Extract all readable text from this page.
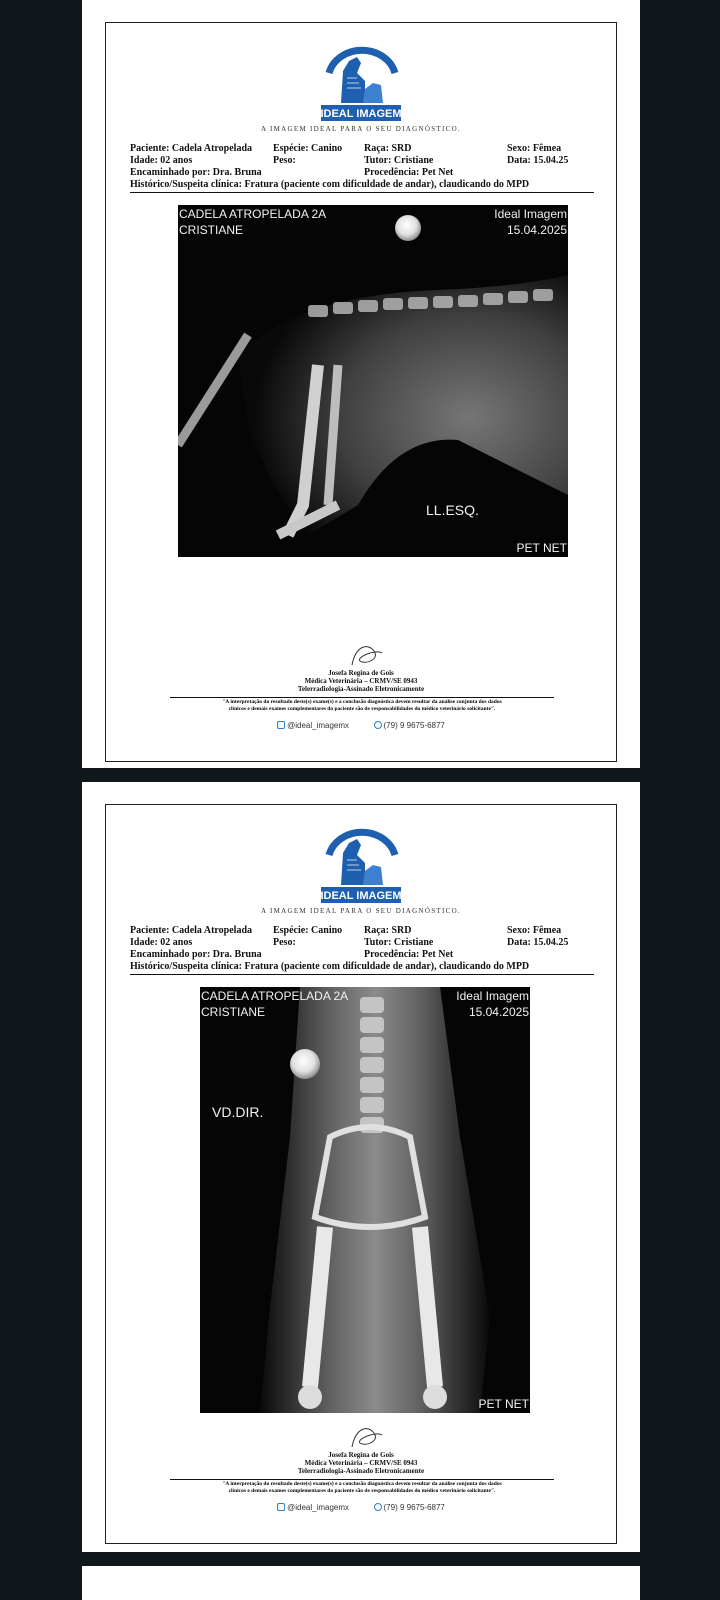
IDEAL IMAGEM
A IMAGEM IDEAL PARA O SEU DIAGNÓSTICO.
Paciente: Cadela Atropelada Espécie: Canino Raça: SRD	Sexo: Fêmea
Idade: 02 anos	Peso:	Tutor: Cristiane	Data: 15.04.25
Encaminhado por: Dra. Bruna	Procedência: Pet Net
Histórico/Suspeita clínica: Fratura (paciente com dificuldade de andar), claudicando do MPD
CADELA ATROPELADA 2A
CRISTIANE
Ideal Imagem
15.04.2025
LL.ESQ.
PET NET
Josefa Regina de Gois
Médica Veterinária – CRMV/SE 0943
Telerradiologia-Assinado Eletronicamente
"A interpretação do resultado deste(s) exame(s) e a conclusão diagnóstica devem resultar da análise conjunta dos dados
clínicos e demais exames complementares do paciente são de responsabilidades do médico veterinário solicitante".
@ideal_imagemx	(79) 9 9675-6877
IDEAL IMAGEM
A IMAGEM IDEAL PARA O SEU DIAGNÓSTICO.
Paciente: Cadela Atropelada Espécie: Canino Raça: SRD	Sexo: Fêmea
Idade: 02 anos	Peso:	Tutor: Cristiane	Data: 15.04.25
Encaminhado por: Dra. Bruna	Procedência: Pet Net
Histórico/Suspeita clínica: Fratura (paciente com dificuldade de andar), claudicando do MPD
CADELA ATROPELADA 2A
CRISTIANE
Ideal Imagem
15.04.2025
VD.DIR.
PET NET
Josefa Regina de Gois
Médica Veterinária – CRMV/SE 0943
Telerradiologia-Assinado Eletronicamente
"A interpretação do resultado deste(s) exame(s) e a conclusão diagnóstica devem resultar da análise conjunta dos dados
clínicos e demais exames complementares do paciente são de responsabilidades do médico veterinário solicitante".
@ideal_imagemx	(79) 9 9675-6877
